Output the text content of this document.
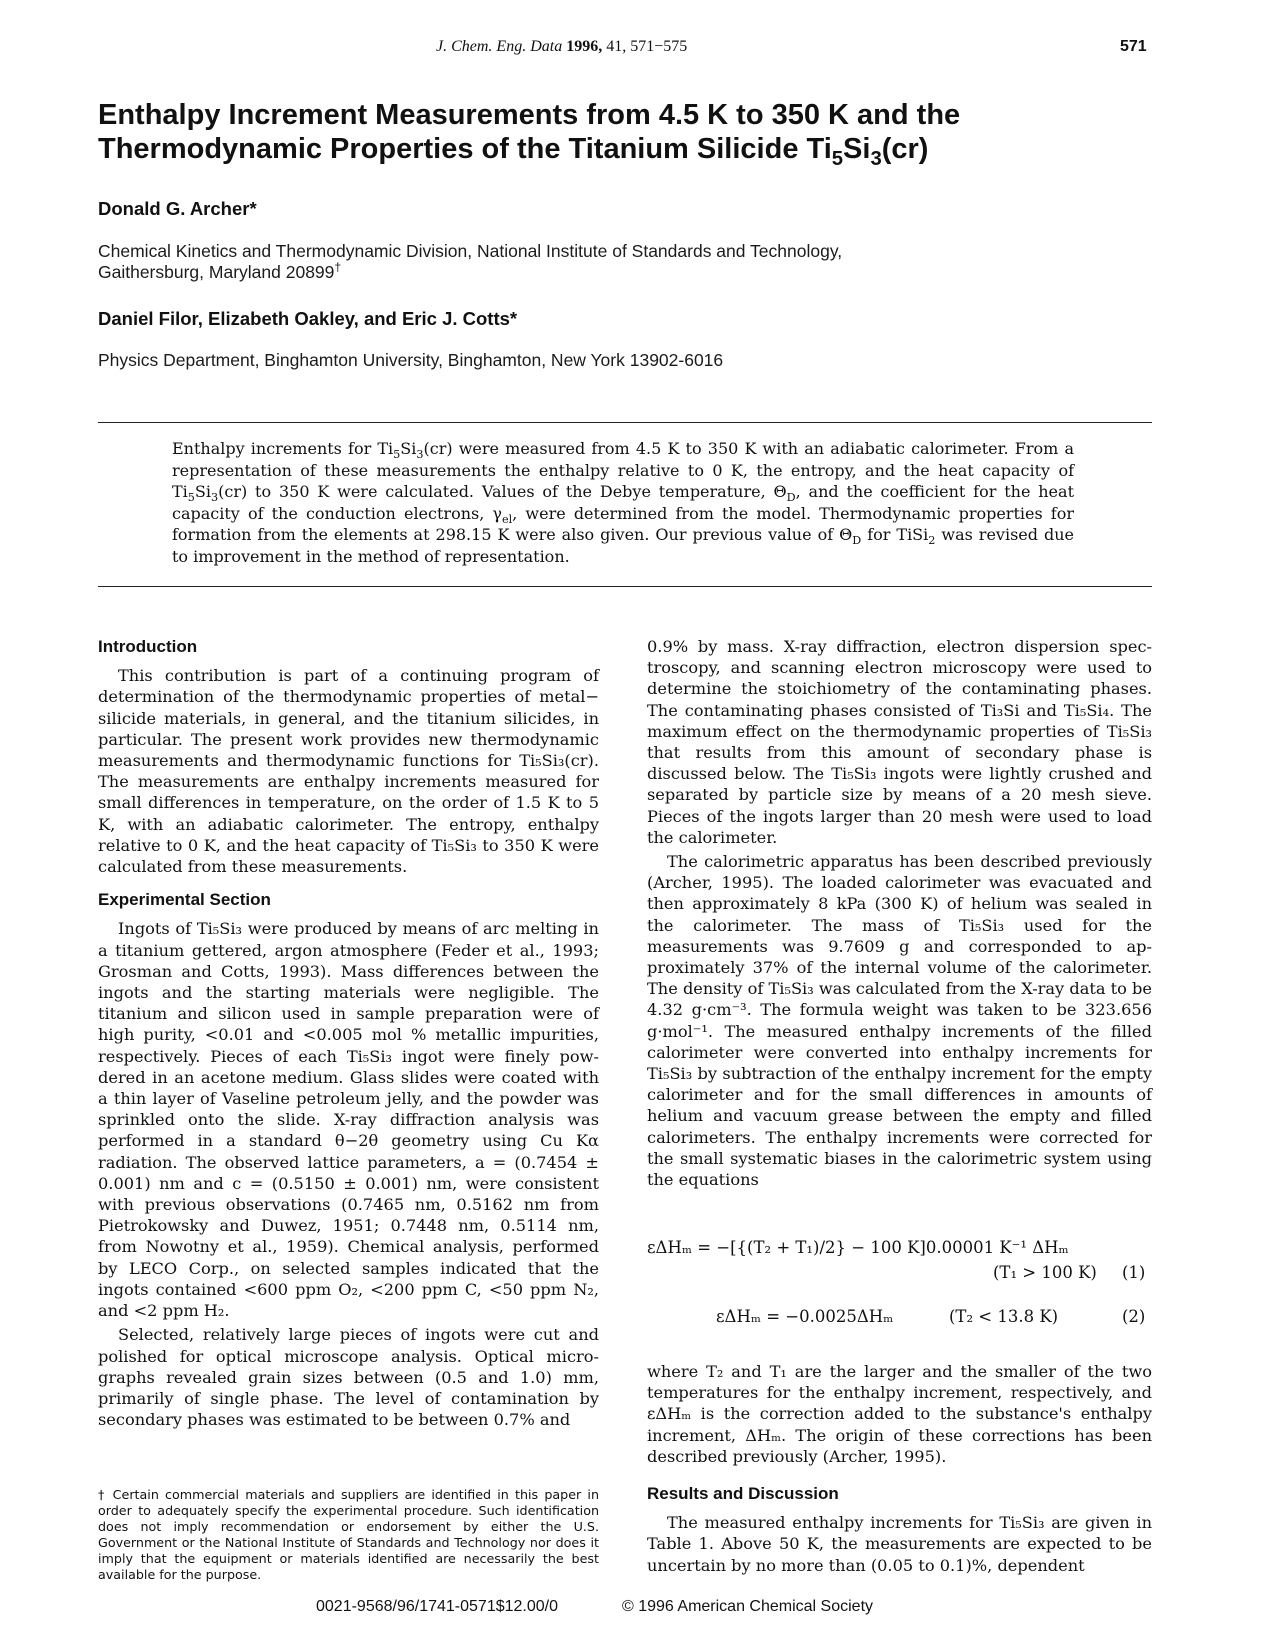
J. Chem. Eng. Data 1996, 41, 571−575	571
Enthalpy Increment Measurements from 4.5 K to 350 K and the
Thermodynamic Properties of the Titanium Silicide $Ti_5Si_3(cr)$
Donald G. Archer*
Chemical Kinetics and Thermodynamic Division, National Institute of Standards and Technology,
Gaithersburg, Maryland 20899†
Daniel Filor, Elizabeth Oakley, and Eric J. Cotts*
Physics Department, Binghamton University, Binghamton, New York 13902-6016
Enthalpy increments for $Ti_5Si_3(cr)$ were measured from 4.5 K to 350 K with an adiabatic calorimeter. From a representation of these measurements the enthalpy relative to 0 K, the entropy, and the heat capacity of $Ti_5Si_3(cr)$ to 350 K were calculated. Values of the Debye temperature, $\Theta_D$, and the coefficient for the heat capacity of the conduction electrons, $\gamma_{el}$, were determined from the model. Thermodynamic properties for formation from the elements at 298.15 K were also given. Our previous value of $\Theta_D$ for TiSi$_2$ was revised due to improvement in the method of representation.
Introduction

This contribution is part of a continuing program of determination of the thermodynamic properties of metal− silicide materials, in general, and the titanium silicides, in particular. The present work provides new thermodynamic measurements and thermodynamic functions for Ti₅Si₃(cr). The measurements are enthalpy increments measured for small differences in temperature, on the order of 1.5 K to 5 K, with an adiabatic calorimeter. The entropy, enthalpy relative to 0 K, and the heat capacity of Ti₅Si₃ to 350 K were calculated from these measurements.

Experimental Section

Ingots of Ti₅Si₃ were produced by means of arc melting in a titanium gettered, argon atmosphere (Feder et al., 1993; Grosman and Cotts, 1993). Mass differences between the ingots and the starting materials were negligible. The titanium and silicon used in sample preparation were of high purity, <0.01 and <0.005 mol % metallic impurities, respectively. Pieces of each Ti₅Si₃ ingot were finely powdered in an acetone medium. Glass slides were coated with a thin layer of Vaseline petroleum jelly, and the powder was sprinkled onto the slide. X-ray diffraction analysis was performed in a standard θ−2θ geometry using Cu Kα radiation. The observed lattice parameters, a = (0.7454 ± 0.001) nm and c = (0.5150 ± 0.001) nm, were consistent with previous observations (0.7465 nm, 0.5162 nm from Pietrokowsky and Duwez, 1951; 0.7448 nm, 0.5114 nm, from Nowotny et al., 1959). Chemical analysis, performed by LECO Corp., on selected samples indicated that the ingots contained <600 ppm O₂, <200 ppm C, <50 ppm N₂, and <2 ppm H₂.

Selected, relatively large pieces of ingots were cut and polished for optical microscope analysis. Optical micrographs revealed grain sizes between (0.5 and 1.0) mm, primarily of single phase. The level of contamination by secondary phases was estimated to be between 0.7% and

† Certain commercial materials and suppliers are identified in this paper in order to adequately specify the experimental procedure. Such identification does not imply recommendation or endorsement by either the U.S. Government or the National Institute of Standards and Technology nor does it imply that the equipment or materials identified are necessarily the best available for the purpose.

0.9% by mass. X-ray diffraction, electron dispersion spectroscopy, and scanning electron microscopy were used to determine the stoichiometry of the contaminating phases. The contaminating phases consisted of Ti₃Si and Ti₅Si₄. The maximum effect on the thermodynamic properties of Ti₅Si₃ that results from this amount of secondary phase is discussed below. The Ti₅Si₃ ingots were lightly crushed and separated by particle size by means of a 20 mesh sieve. Pieces of the ingots larger than 20 mesh were used to load the calorimeter.

The calorimetric apparatus has been described previously (Archer, 1995). The loaded calorimeter was evacuated and then approximately 8 kPa (300 K) of helium was sealed in the calorimeter. The mass of Ti₅Si₃ used for the measurements was 9.7609 g and corresponded to approximately 37% of the internal volume of the calorimeter. The density of Ti₅Si₃ was calculated from the X-ray data to be 4.32 g·cm⁻³. The formula weight was taken to be 323.656 g·mol⁻¹. The measured enthalpy increments of the filled calorimeter were converted into enthalpy increments for Ti₅Si₃ by subtraction of the enthalpy increment for the empty calorimeter and for the small differences in amounts of helium and vacuum grease between the empty and filled calorimeters. The enthalpy increments were corrected for the small systematic biases in the calorimetric system using the equations

εΔHₘ = −[{(T₂ + T₁)/2} − 100 K]0.00001 K⁻¹ ΔHₘ
(T₁ > 100 K) (1)
εΔHₘ = −0.0025ΔHₘ	(T₂ < 13.8 K)	(2)

where T₂ and T₁ are the larger and the smaller of the two temperatures for the enthalpy increment, respectively, and εΔHₘ is the correction added to the substance's enthalpy increment, ΔHₘ. The origin of these corrections has been described previously (Archer, 1995).

Results and Discussion

The measured enthalpy increments for Ti₅Si₃ are given in Table 1. Above 50 K, the measurements are expected to be uncertain by no more than (0.05 to 0.1)%, dependent

0021-9568/96/1741-0571$12.00/0	© 1996 American Chemical Society
